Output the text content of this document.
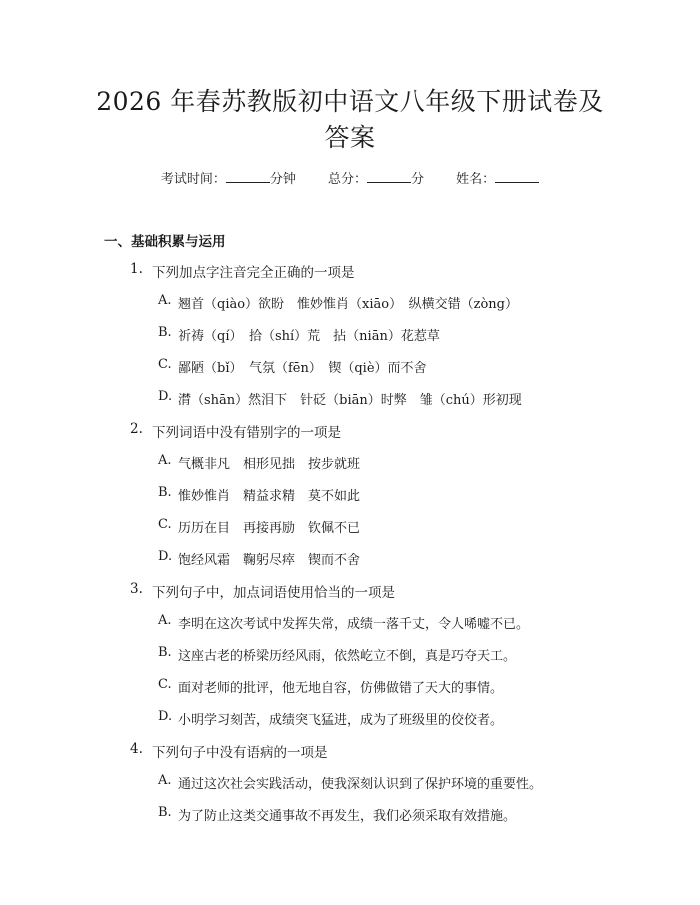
2026 年春苏教版初中语文八年级下册试卷及
答案
考试时间：	分钟 总分：	分 姓名：
一、基础积累与运用
1. 下列加点字注音完全正确的一项是
A. 翘首（qiào）欲盼　惟妙惟肖（xiāo）　纵横交错（zòng）
B. 祈祷（qí）　拾（shí）荒　拈（niān）花惹草
C. 鄙陋（bǐ）　气氛（fēn）　锲（qiè）而不舍
D. 潸（shān）然泪下　针砭（biān）时弊　雏（chú）形初现
2. 下列词语中没有错别字的一项是
A. 气概非凡　相形见拙　按步就班
B. 惟妙惟肖　精益求精　莫不如此
C. 历历在目　再接再励　钦佩不已
D. 饱经风霜　鞠躬尽瘁　锲而不舍
3. 下列句子中，加点词语使用恰当的一项是
A. 李明在这次考试中发挥失常，成绩一落千丈，令人唏嘘不已。
B. 这座古老的桥梁历经风雨，依然屹立不倒，真是巧夺天工。
C. 面对老师的批评，他无地自容，仿佛做错了天大的事情。
D. 小明学习刻苦，成绩突飞猛进，成为了班级里的佼佼者。
4. 下列句子中没有语病的一项是
A. 通过这次社会实践活动，使我深刻认识到了保护环境的重要性。
B. 为了防止这类交通事故不再发生，我们必须采取有效措施。
